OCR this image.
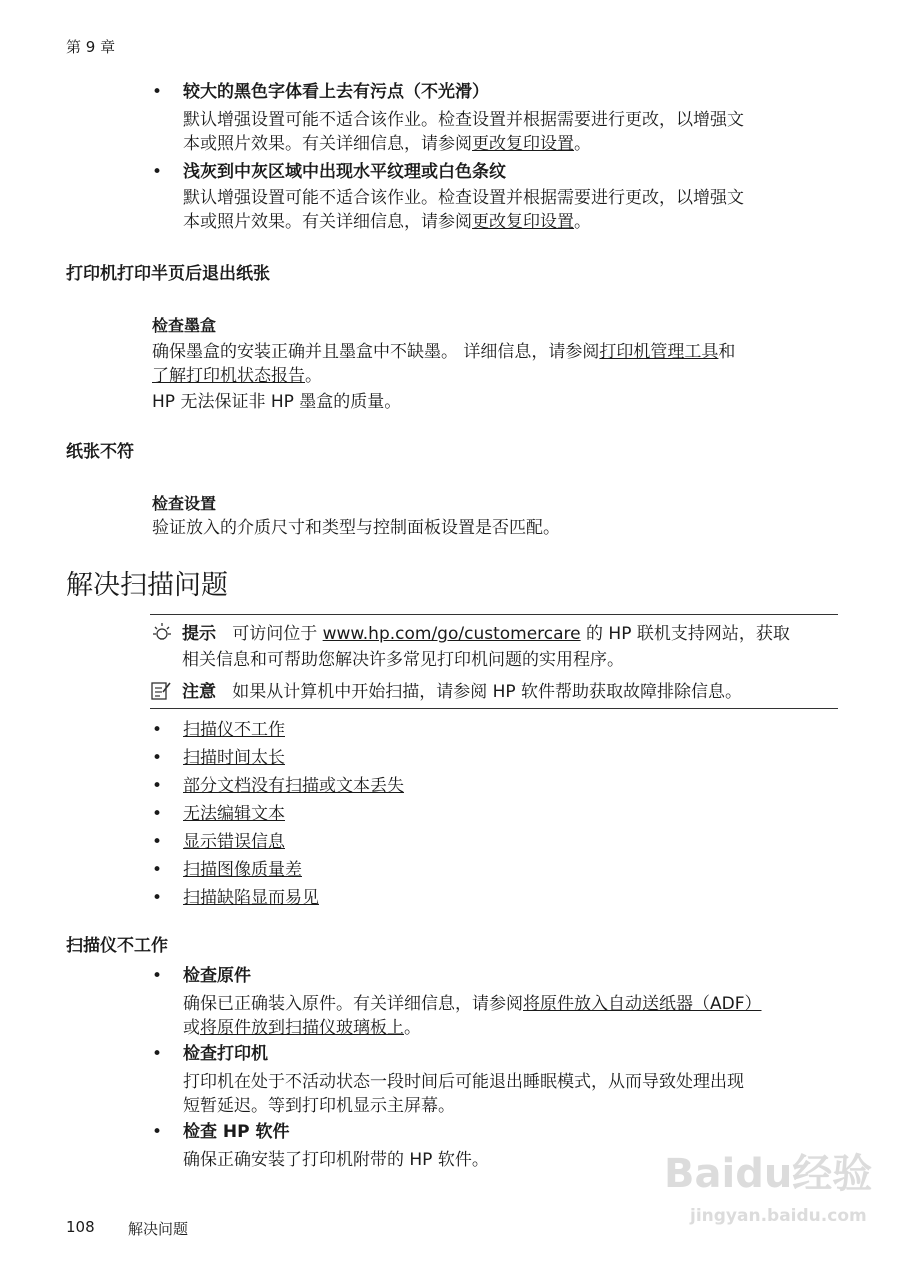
第 9 章
• 较大的黑色字体看上去有污点（不光滑）
默认增强设置可能不适合该作业。检查设置并根据需要进行更改，以增强文
本或照片效果。有关详细信息，请参阅更改复印设置。
• 浅灰到中灰区域中出现水平纹理或白色条纹
默认增强设置可能不适合该作业。检查设置并根据需要进行更改，以增强文
本或照片效果。有关详细信息，请参阅更改复印设置。
打印机打印半页后退出纸张
检查墨盒
确保墨盒的安装正确并且墨盒中不缺墨。 详细信息，请参阅打印机管理工具和
了解打印机状态报告。
HP 无法保证非 HP 墨盒的质量。
纸张不符
检查设置
验证放入的介质尺寸和类型与控制面板设置是否匹配。
解决扫描问题
提示 可访问位于 www.hp.com/go/customercare 的 HP 联机支持网站，获取
相关信息和可帮助您解决许多常见打印机问题的实用程序。
注意 如果从计算机中开始扫描，请参阅 HP 软件帮助获取故障排除信息。
• 扫描仪不工作
• 扫描时间太长
• 部分文档没有扫描或文本丢失
• 无法编辑文本
• 显示错误信息
• 扫描图像质量差
• 扫描缺陷显而易见
扫描仪不工作
• 检查原件
确保已正确装入原件。有关详细信息，请参阅将原件放入自动送纸器（ADF）
或将原件放到扫描仪玻璃板上。
• 检查打印机
打印机在处于不活动状态一段时间后可能退出睡眠模式，从而导致处理出现
短暂延迟。等到打印机显示主屏幕。
• 检查 HP 软件
确保正确安装了打印机附带的 HP 软件。
108 解决问题
Baidu经验
jingyan.baidu.com
